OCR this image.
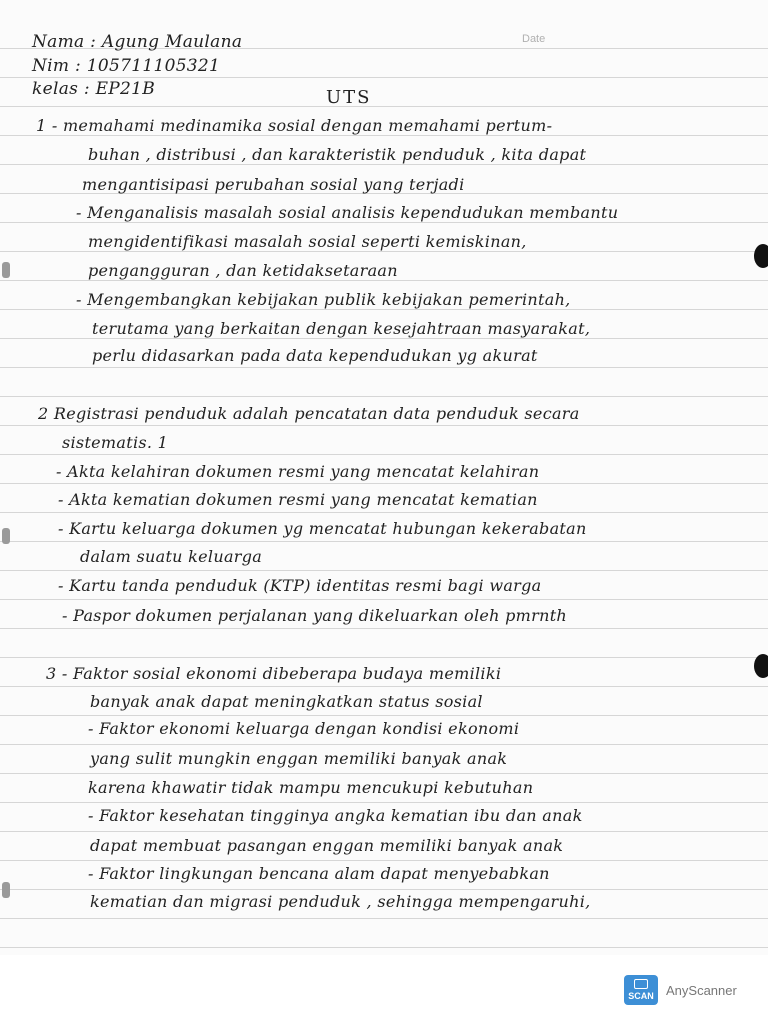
Date
Nama : Agung Maulana
Nim : 105711105321
kelas : EP21B	UTS
1 - memahami medinamika sosial dengan memahami pertum-
buhan , distribusi , dan karakteristik penduduk , kita dapat
mengantisipasi perubahan sosial yang terjadi
- Menganalisis masalah sosial analisis kependudukan membantu
mengidentifikasi masalah sosial seperti kemiskinan,
pengangguran , dan ketidaksetaraan
- Mengembangkan kebijakan publik kebijakan pemerintah,
terutama yang berkaitan dengan kesejahtraan masyarakat,
perlu didasarkan pada data kependudukan yg akurat
2 Registrasi penduduk adalah pencatatan data penduduk secara
sistematis. 1
- Akta kelahiran dokumen resmi yang mencatat kelahiran
- Akta kematian dokumen resmi yang mencatat kematian
- Kartu keluarga dokumen yg mencatat hubungan kekerabatan
dalam suatu keluarga
- Kartu tanda penduduk (KTP) identitas resmi bagi warga
- Paspor dokumen perjalanan yang dikeluarkan oleh pmrnth
3 - Faktor sosial ekonomi dibeberapa budaya memiliki
banyak anak dapat meningkatkan status sosial
- Faktor ekonomi keluarga dengan kondisi ekonomi
yang sulit mungkin enggan memiliki banyak anak
karena khawatir tidak mampu mencukupi kebutuhan
- Faktor kesehatan tingginya angka kematian ibu dan anak
dapat membuat pasangan enggan memiliki banyak anak
- Faktor lingkungan bencana alam dapat menyebabkan
kematian dan migrasi penduduk , sehingga mempengaruhi,
SCAN AnyScanner
